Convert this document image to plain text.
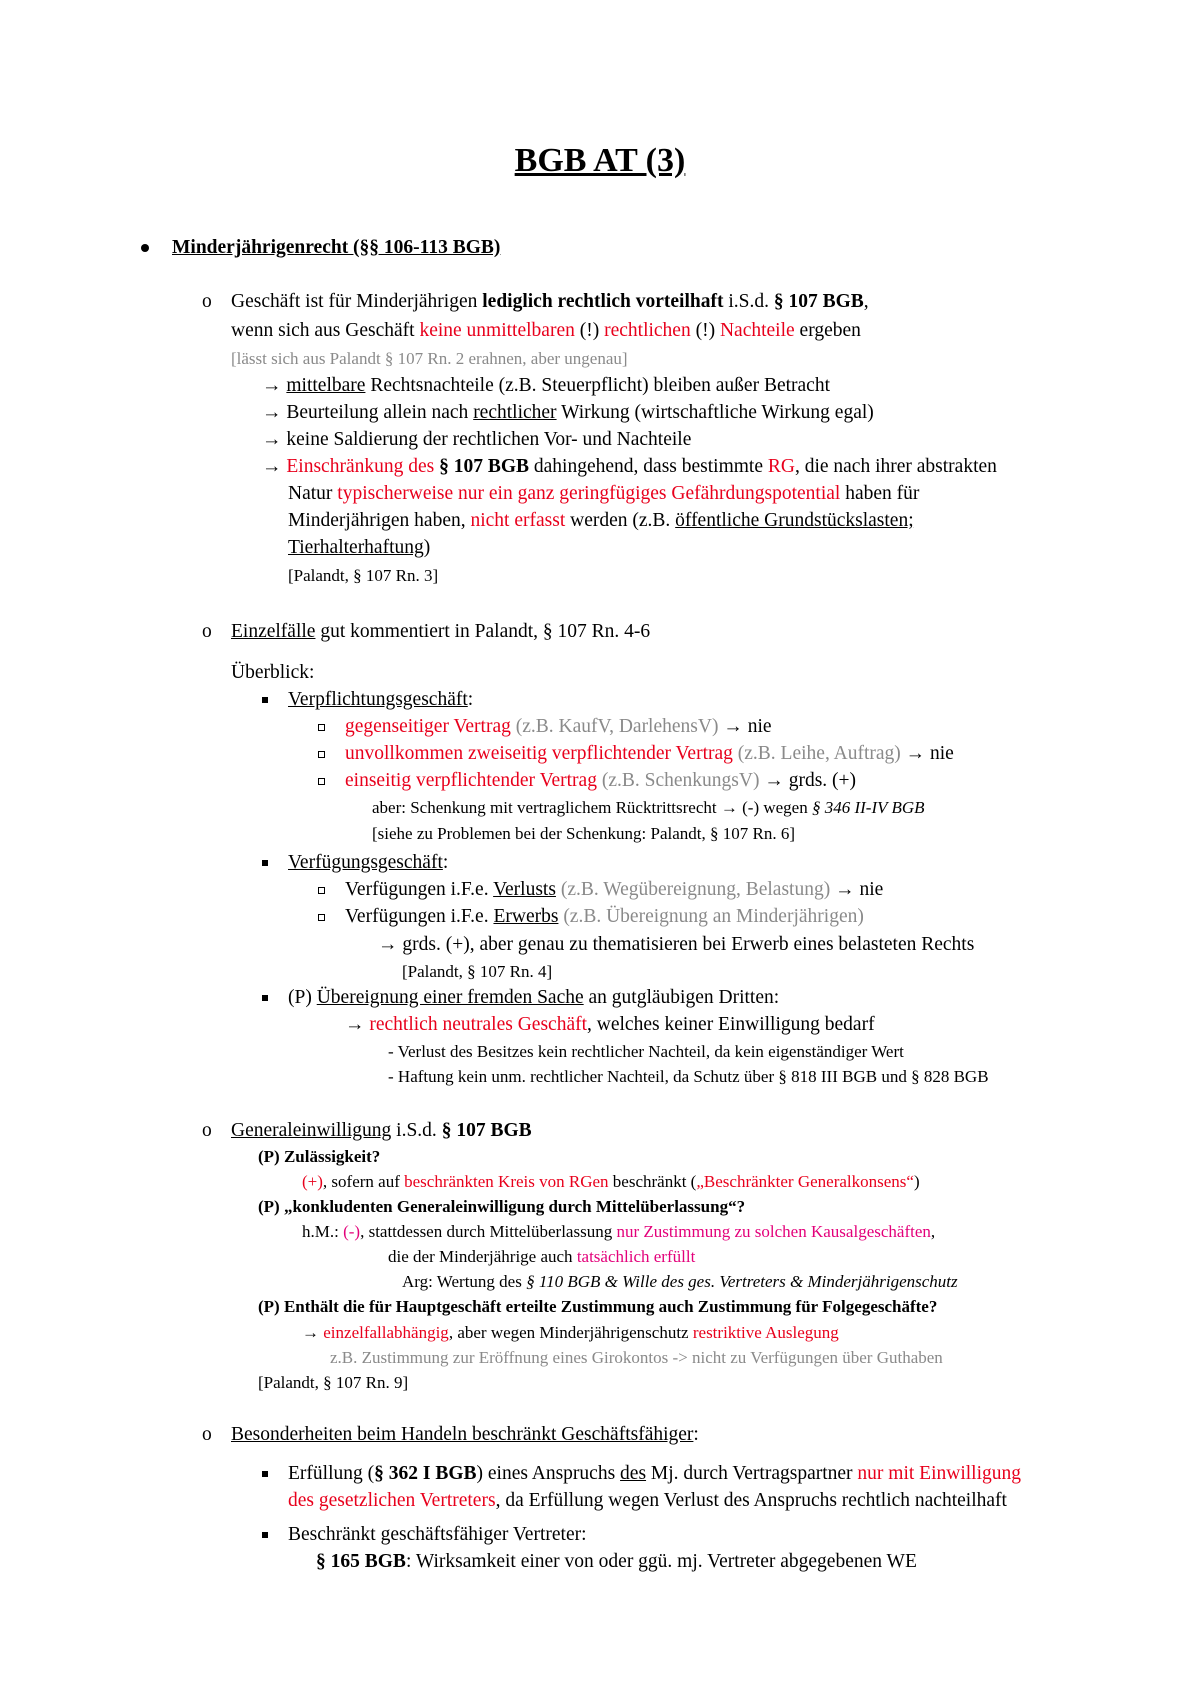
BGB AT (3)
Minderjährigenrecht (§§ 106-113 BGB)
o Geschäft ist für Minderjährigen lediglich rechtlich vorteilhaft i.S.d. § 107 BGB,
wenn sich aus Geschäft keine unmittelbaren (!) rechtlichen (!) Nachteile ergeben
[lässt sich aus Palandt § 107 Rn. 2 erahnen, aber ungenau]
→ mittelbare Rechtsnachteile (z.B. Steuerpflicht) bleiben außer Betracht
→ Beurteilung allein nach rechtlicher Wirkung (wirtschaftliche Wirkung egal)
→ keine Saldierung der rechtlichen Vor- und Nachteile
→ Einschränkung des § 107 BGB dahingehend, dass bestimmte RG, die nach ihrer abstrakten
Natur typischerweise nur ein ganz geringfügiges Gefährdungspotential haben für
Minderjährigen haben, nicht erfasst werden (z.B. öffentliche Grundstückslasten;
Tierhalterhaftung)
[Palandt, § 107 Rn. 3]
o Einzelfälle gut kommentiert in Palandt, § 107 Rn. 4-6
Überblick:
Verpflichtungsgeschäft:
gegenseitiger Vertrag (z.B. KaufV, DarlehensV) → nie
unvollkommen zweiseitig verpflichtender Vertrag (z.B. Leihe, Auftrag) → nie
einseitig verpflichtender Vertrag (z.B. SchenkungsV) → grds. (+)
aber: Schenkung mit vertraglichem Rücktrittsrecht → (-) wegen § 346 II-IV BGB
[siehe zu Problemen bei der Schenkung: Palandt, § 107 Rn. 6]
Verfügungsgeschäft:
Verfügungen i.F.e. Verlusts (z.B. Wegübereignung, Belastung) → nie
Verfügungen i.F.e. Erwerbs (z.B. Übereignung an Minderjährigen)
→ grds. (+), aber genau zu thematisieren bei Erwerb eines belasteten Rechts
[Palandt, § 107 Rn. 4]
(P) Übereignung einer fremden Sache an gutgläubigen Dritten:
→ rechtlich neutrales Geschäft, welches keiner Einwilligung bedarf
- Verlust des Besitzes kein rechtlicher Nachteil, da kein eigenständiger Wert
- Haftung kein unm. rechtlicher Nachteil, da Schutz über § 818 III BGB und § 828 BGB
o Generaleinwilligung i.S.d. § 107 BGB
(P) Zulässigkeit?
(+), sofern auf beschränkten Kreis von RGen beschränkt („Beschränkter Generalkonsens“)
(P) „konkludenten Generaleinwilligung durch Mittelüberlassung“?
h.M.: (-), stattdessen durch Mittelüberlassung nur Zustimmung zu solchen Kausalgeschäften,
die der Minderjährige auch tatsächlich erfüllt
Arg: Wertung des § 110 BGB & Wille des ges. Vertreters & Minderjährigenschutz
(P) Enthält die für Hauptgeschäft erteilte Zustimmung auch Zustimmung für Folgegeschäfte?
→ einzelfallabhängig, aber wegen Minderjährigenschutz restriktive Auslegung
z.B. Zustimmung zur Eröffnung eines Girokontos -> nicht zu Verfügungen über Guthaben
[Palandt, § 107 Rn. 9]
o Besonderheiten beim Handeln beschränkt Geschäftsfähiger:
Erfüllung (§ 362 I BGB) eines Anspruchs des Mj. durch Vertragspartner nur mit Einwilligung
des gesetzlichen Vertreters, da Erfüllung wegen Verlust des Anspruchs rechtlich nachteilhaft
Beschränkt geschäftsfähiger Vertreter:
§ 165 BGB: Wirksamkeit einer von oder ggü. mj. Vertreter abgegebenen WE
